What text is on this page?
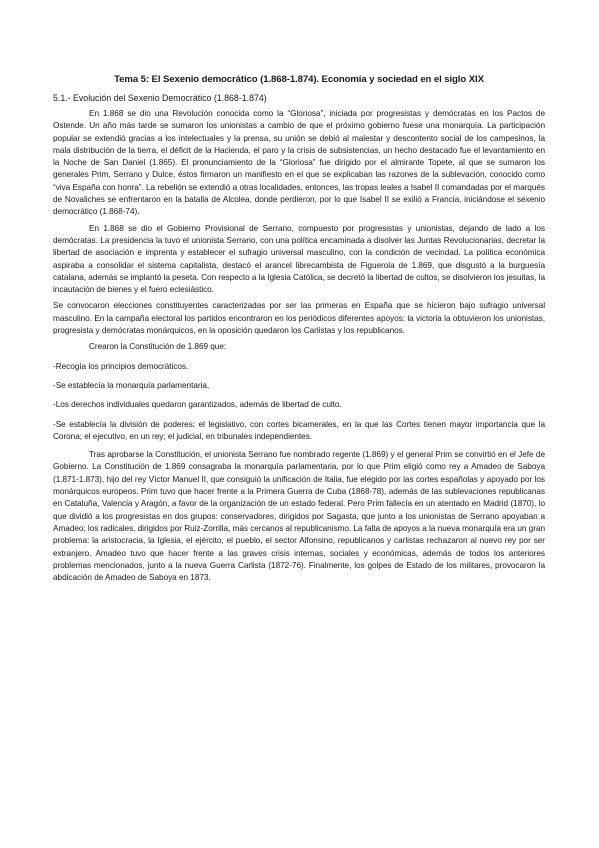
Tema 5: El Sexenio democrático (1.868-1.874). Economía y sociedad en el siglo XIX
5.1.- Evolución del Sexenio Democrático (1.868-1.874)

En 1.868 se dio una Revolución conocida como la “Gloriosa”, iniciada por progresistas y demócratas en los Pactos de Ostende. Un año más tarde se sumaron los unionistas a cambio de que el próximo gobierno fuese una monarquía. La participación popular se extendió gracias a los intelectuales y la prensa, su unión se debió al malestar y descontento social de los campesinos, la mala distribución de la tierra, el déficit de la Hacienda, el paro y la crisis de subsistencias, un hecho destacado fue el levantamiento en la Noche de San Daniel (1.865). El pronunciamiento de la “Gloriosa” fue dirigido por el almirante Topete, al que se sumaron los generales Prim, Serrano y Dulce, éstos firmaron un manifiesto en el que se explicaban las razones de la sublevación, conocido como “viva España con honra”. La rebelión se extendió a otras localidades, entonces, las tropas leales a Isabel II comandadas por el marqués de Novaliches se enfrentaron en la batalla de Alcolea, donde perdieron, por lo que Isabel II se exilió a Francia, iniciándose el sexenio democrático (1.868-74).

En 1.868 se dio el Gobierno Provisional de Serrano, compuesto por progresistas y unionistas, dejando de lado a los demócratas. La presidencia la tuvo el unionista Serrano, con una política encaminada a disolver las Juntas Revolucionarias, decretar la libertad de asociación e imprenta y establecer el sufragio universal masculino, con la condición de vecindad. La política económica aspiraba a consolidar el sistema capitalista, destacó el arancel librecambista de Figuerola de 1.869, que disgustó a la burguesía catalana, además se implantó la peseta. Con respecto a la Iglesia Católica, se decretó la libertad de cultos, se disolvieron los jesuitas, la incautación de bienes y el fuero eclesiástico.

Se convocaron elecciones constituyentes caracterizadas por ser las primeras en España que se hicieron bajo sufragio universal masculino. En la campaña electoral los partidos encontraron en los periódicos diferentes apoyos: la victoria la obtuvieron los unionistas, progresista y demócratas monárquicos, en la oposición quedaron los Carlistas y los republicanos.

Crearon la Constitución de 1.869 que:

-Recogía los principios democráticos.

-Se establecía la monarquía parlamentaria.

-Los derechos individuales quedaron garantizados, además de libertad de culto.

-Se establecía la división de poderes: el legislativo, con cortes bicamerales, en la que las Cortes tienen mayor importancia que la Corona; el ejecutivo, en un rey; el judicial, en tribunales independientes.

Tras aprobarse la Constitución, el unionista Serrano fue nombrado regente (1.869) y el general Prim se convirtió en el Jefe de Gobierno. La Constitución de 1.869 consagraba la monarquía parlamentaria, por lo que Prim eligió como rey a Amadeo de Saboya (1.871-1.873), hijo del rey Víctor Manuel II, que consiguió la unificación de Italia, fue elegido por las cortes españolas y apoyado por los monárquicos europeos. Prim tuvo que hacer frente a la Primera Guerra de Cuba (1868-78), además de las sublevaciones republicanas en Cataluña, Valencia y Aragón, a favor de la organización de un estado federal. Pero Prim fallecía en un atentado en Madrid (1870), lo que dividió a los progresistas en dos grupos: conservadores, dirigidos por Sagasta, que junto a los unionistas de Serrano apoyaban a Amadeo; los radicales, dirigidos por Ruiz-Zorrilla, más cercanos al republicanismo. La falta de apoyos a la nueva monarquía era un gran problema: la aristocracia, la Iglesia, el ejército, el pueblo, el sector Alfonsino, republicanos y carlistas rechazaron al nuevo rey por ser extranjero. Amadeo tuvo que hacer frente a las graves crisis internas, sociales y económicas, además de todos los anteriores problemas mencionados, junto a la nueva Guerra Carlista (1872-76). Finalmente, los golpes de Estado de los militares, provocaron la abdicación de Amadeo de Saboya en 1873.
